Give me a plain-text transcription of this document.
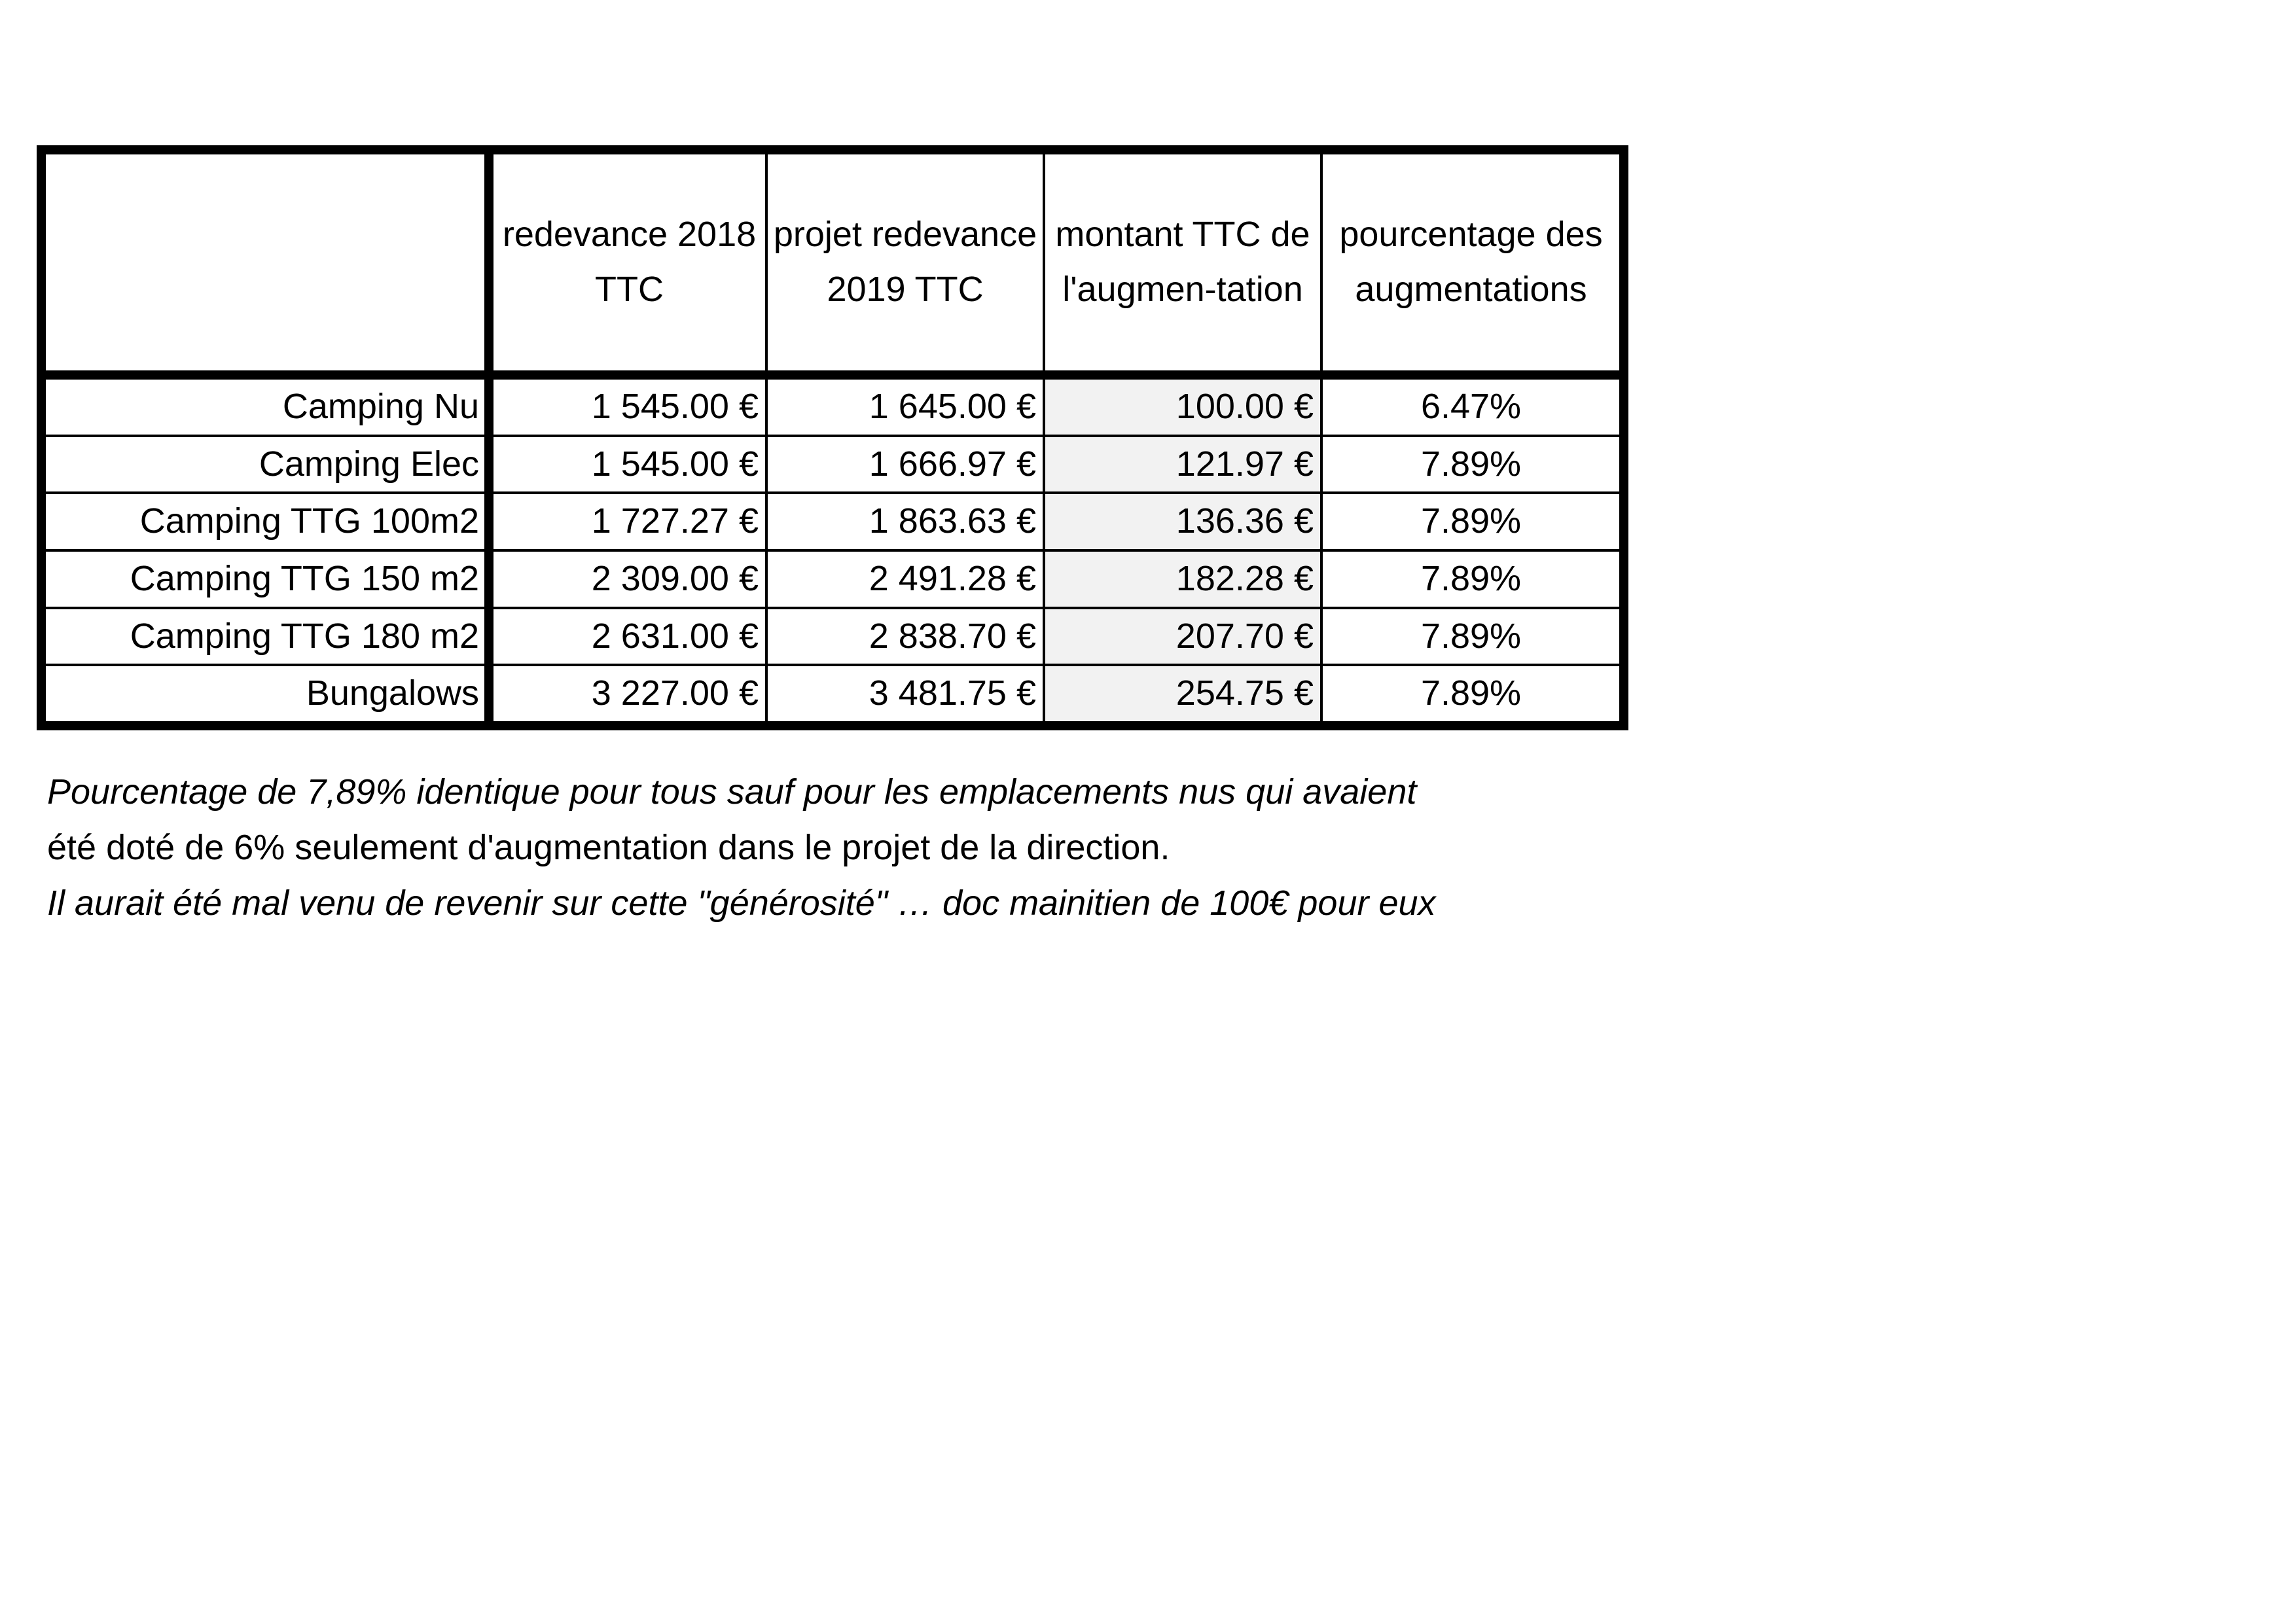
	redevance 2018 TTC	projet redevance 2019 TTC	montant TTC de l'augmen-tation	pourcentage des augmentations
Camping Nu	1 545.00 €	1 645.00 €	100.00 €	6.47%
Camping Elec	1 545.00 €	1 666.97 €	121.97 €	7.89%
Camping TTG 100m2	1 727.27 €	1 863.63 €	136.36 €	7.89%
Camping TTG 150 m2	2 309.00 €	2 491.28 €	182.28 €	7.89%
Camping TTG 180 m2	2 631.00 €	2 838.70 €	207.70 €	7.89%
Bungalows	3 227.00 €	3 481.75 €	254.75 €	7.89%
Pourcentage de 7,89% identique pour tous sauf pour les emplacements nus qui avaient
été doté de 6% seulement d'augmentation dans le projet de la direction.
Il aurait été mal venu de revenir sur cette "générosité" … doc mainitien de 100€ pour eux
